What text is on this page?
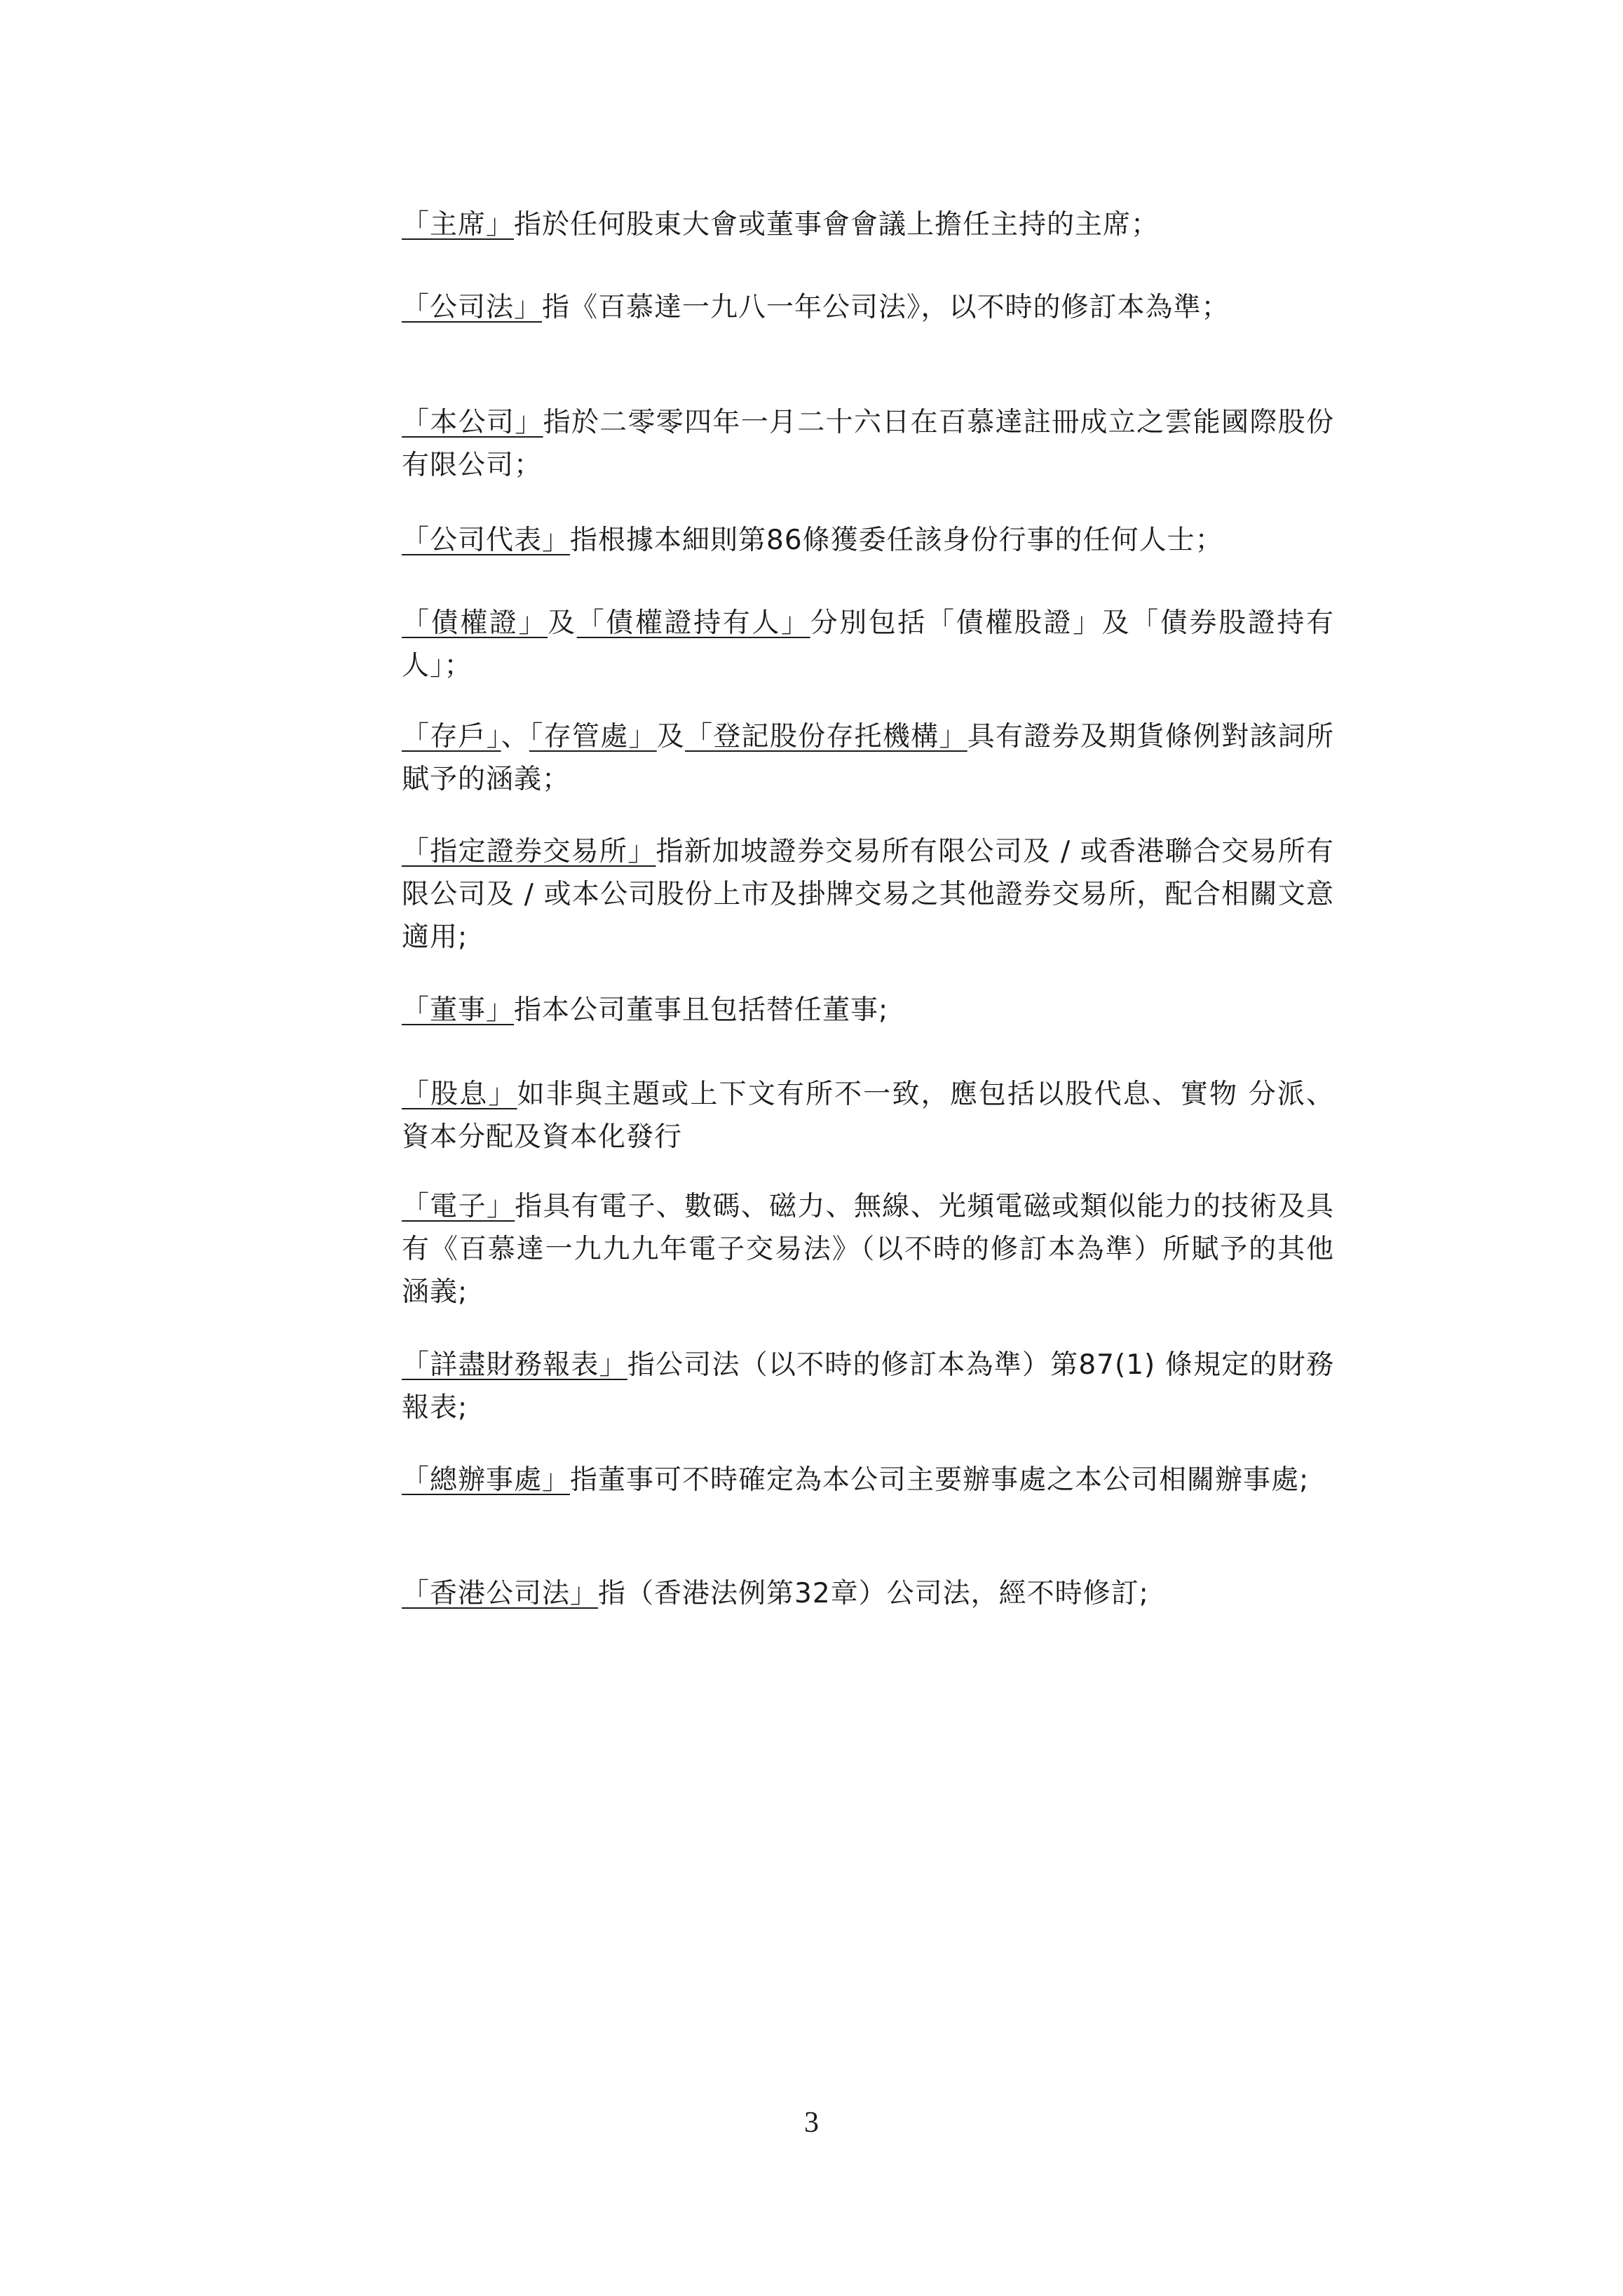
「主席」指於任何股東大會或董事會會議上擔任主持的主席；

「公司法」指《百慕達一九八一年公司法》，以不時的修訂本為準；

「本公司」指於二零零四年一月二十六日在百慕達註冊成立之雲能國際股份有限公司；

「公司代表」指根據本細則第86條獲委任該身份行事的任何人士；

「債權證」及「債權證持有人」分別包括「債權股證」及「債券股證持有人」；

「存戶」、「存管處」及「登記股份存托機構」具有證券及期貨條例對該詞所賦予的涵義；

「指定證券交易所」指新加坡證券交易所有限公司及 / 或香港聯合交易所有限公司及 / 或本公司股份上市及掛牌交易之其他證券交易所，配合相關文意適用;

「董事」指本公司董事且包括替任董事;

「股息」如非與主題或上下文有所不一致，應包括以股代息、實物 分派、資本分配及資本化發行

「電子」指具有電子、數碼、磁力、無線、光頻電磁或類似能力的技術及具有《百慕達一九九九年電子交易法》（以不時的修訂本為準）所賦予的其他涵義;

「詳盡財務報表」指公司法（以不時的修訂本為準）第87(1) 條規定的財務報表;

「總辦事處」指董事可不時確定為本公司主要辦事處之本公司相關辦事處;

「香港公司法」指（香港法例第32章）公司法，經不時修訂;

3
